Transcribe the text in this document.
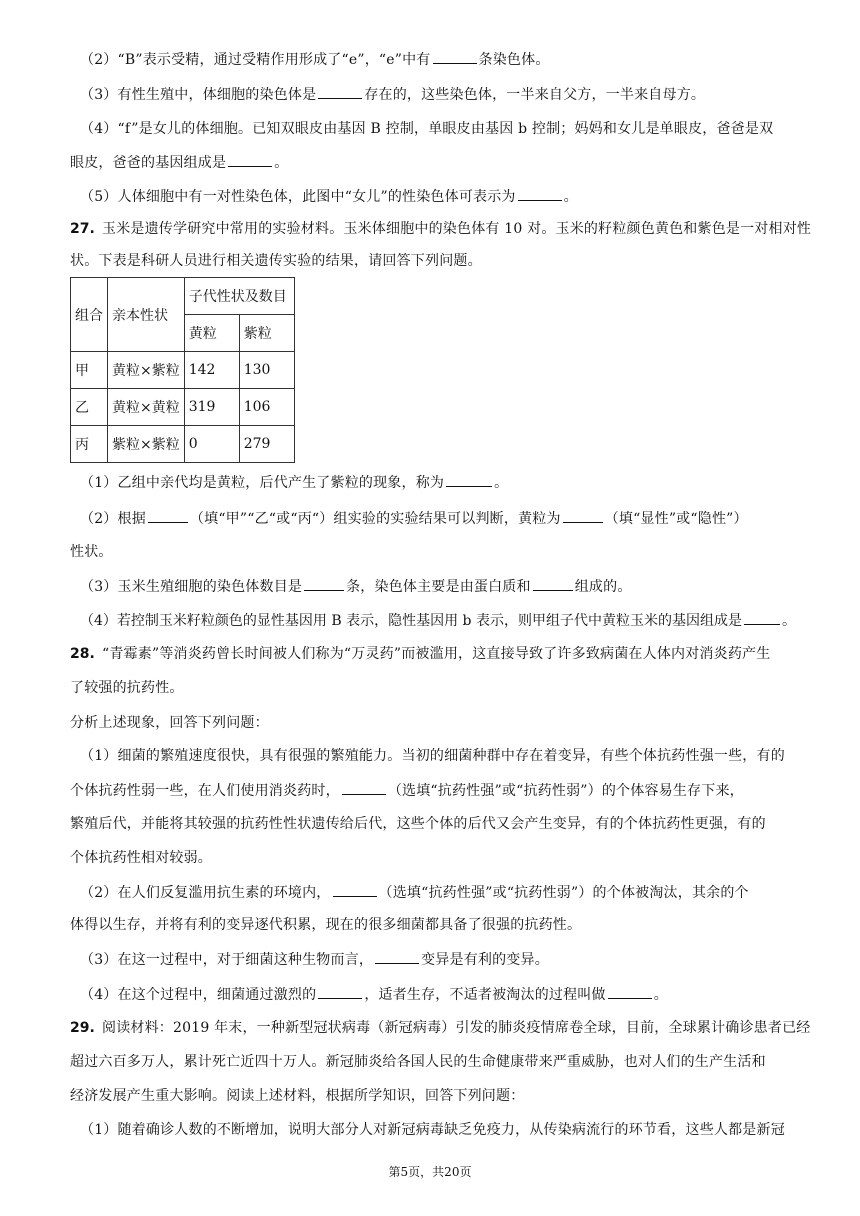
（2）“B”表示受精，通过受精作用形成了“e”，“e”中有	条染色体。
（3）有性生殖中，体细胞的染色体是	存在的，这些染色体，一半来自父方，一半来自母方。
（4）“f”是女儿的体细胞。已知双眼皮由基因 B 控制，单眼皮由基因 b 控制；妈妈和女儿是单眼皮，爸爸是双
眼皮，爸爸的基因组成是	。
（5）人体细胞中有一对性染色体，此图中“女儿”的性染色体可表示为	。
27. 玉米是遗传学研究中常用的实验材料。玉米体细胞中的染色体有 10 对。玉米的籽粒颜色黄色和紫色是一对相对性
状。下表是科研人员进行相关遗传实验的结果，请回答下列问题。
组合	亲本性状	子代性状及数目	
		黄粒	紫粒
甲	黄粒×紫粒	142	130
乙	黄粒×黄粒	319	106
丙	紫粒×紫粒	0	279
（1）乙组中亲代均是黄粒，后代产生了紫粒的现象，称为	。
（2）根据	（填“甲”“乙“或“丙“）组实验的实验结果可以判断，黄粒为	（填“显性”或“隐性”）
性状。
（3）玉米生殖细胞的染色体数目是	条，染色体主要是由蛋白质和	组成的。
（4）若控制玉米籽粒颜色的显性基因用 B 表示，隐性基因用 b 表示，则甲组子代中黄粒玉米的基因组成是	。
28. “青霉素”等消炎药曾长时间被人们称为“万灵药”而被滥用，这直接导致了许多致病菌在人体内对消炎药产生
了较强的抗药性。
分析上述现象，回答下列问题：
（1）细菌的繁殖速度很快，具有很强的繁殖能力。当初的细菌种群中存在着变异，有些个体抗药性强一些，有的
个体抗药性弱一些，在人们使用消炎药时，	（选填“抗药性强”或“抗药性弱”）的个体容易生存下来，
繁殖后代，并能将其较强的抗药性性状遗传给后代，这些个体的后代又会产生变异，有的个体抗药性更强，有的
个体抗药性相对较弱。
（2）在人们反复滥用抗生素的环境内，	（选填“抗药性强”或“抗药性弱”）的个体被淘汰，其余的个
体得以生存，并将有利的变异逐代积累，现在的很多细菌都具备了很强的抗药性。
（3）在这一过程中，对于细菌这种生物而言，	变异是有利的变异。
（4）在这个过程中，细菌通过激烈的	，适者生存，不适者被淘汰的过程叫做	。
29. 阅读材料：2019 年末，一种新型冠状病毒（新冠病毒）引发的肺炎疫情席卷全球，目前，全球累计确诊患者已经
超过六百多万人，累计死亡近四十万人。新冠肺炎给各国人民的生命健康带来严重威胁，也对人们的生产生活和
经济发展产生重大影响。阅读上述材料，根据所学知识，回答下列问题：
（1）随着确诊人数的不断增加，说明大部分人对新冠病毒缺乏免疫力，从传染病流行的环节看，这些人都是新冠
第5页，共20页
